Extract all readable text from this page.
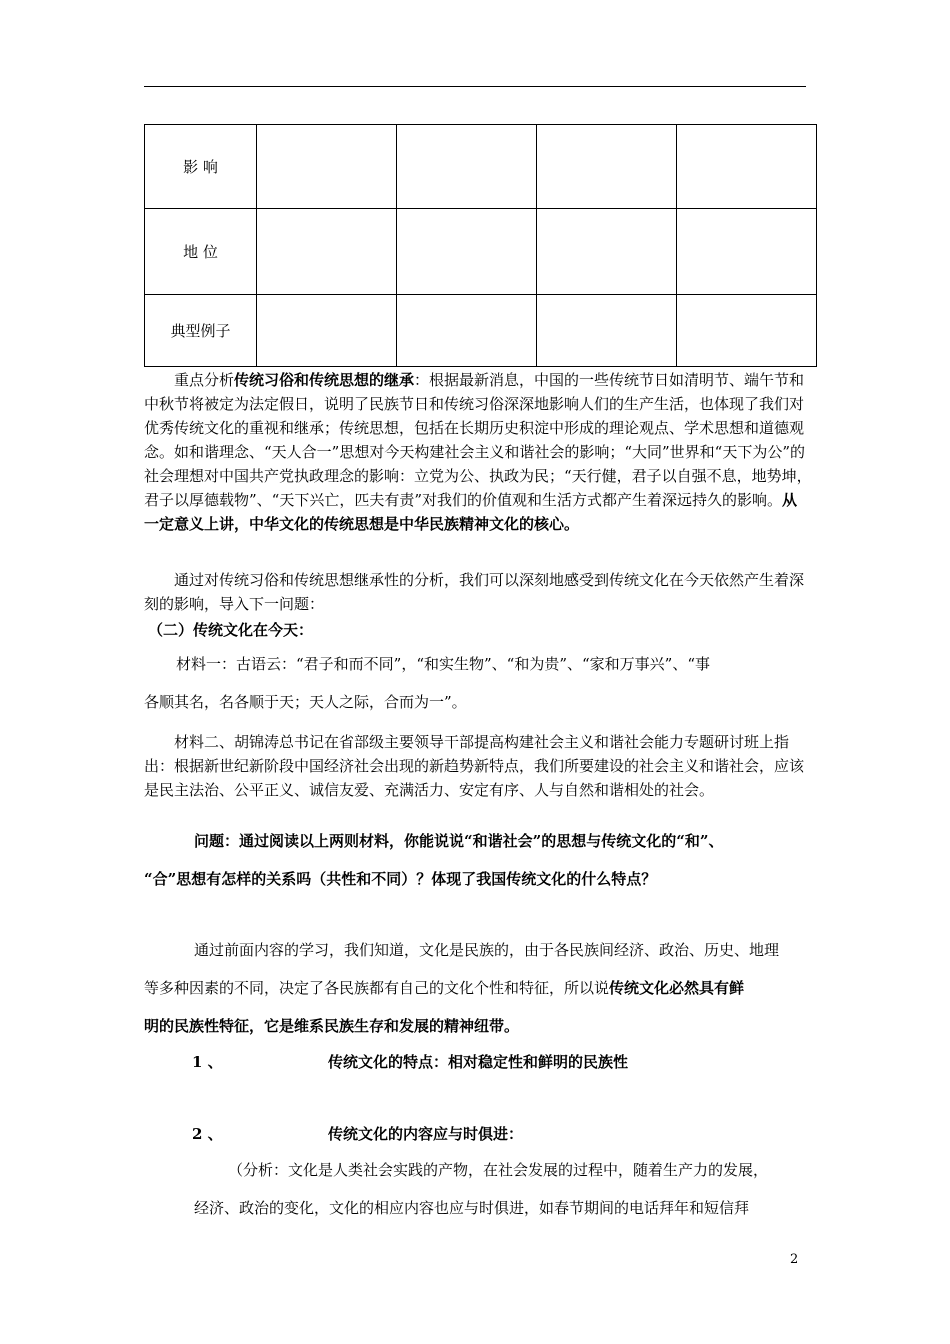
影 响				
地 位				
典型例子				

重点分析传统习俗和传统思想的继承：根据最新消息，中国的一些传统节日如清明节、端午节和中秋节将被定为法定假日，说明了民族节日和传统习俗深深地影响人们的生产生活，也体现了我们对优秀传统文化的重视和继承；传统思想，包括在长期历史积淀中形成的理论观点、学术思想和道德观念。如和谐理念、“天人合一”思想对今天构建社会主义和谐社会的影响；“大同”世界和“天下为公”的社会理想对中国共产党执政理念的影响：立党为公、执政为民；“天行健，君子以自强不息，地势坤，君子以厚德载物”、“天下兴亡，匹夫有责”对我们的价值观和生活方式都产生着深远持久的影响。从一定意义上讲，中华文化的传统思想是中华民族精神文化的核心。

通过对传统习俗和传统思想继承性的分析，我们可以深刻地感受到传统文化在今天依然产生着深刻的影响，导入下一问题：

（二）传统文化在今天：

材料一：古语云：“君子和而不同”，“和实生物”、“和为贵”、“家和万事兴”、“事

各顺其名，名各顺于天；天人之际，合而为一”。

材料二、胡锦涛总书记在省部级主要领导干部提高构建社会主义和谐社会能力专题研讨班上指出：根据新世纪新阶段中国经济社会出现的新趋势新特点，我们所要建设的社会主义和谐社会，应该是民主法治、公平正义、诚信友爱、充满活力、安定有序、人与自然和谐相处的社会。

问题：通过阅读以上两则材料，你能说说“和谐社会”的思想与传统文化的“和”、

“合”思想有怎样的关系吗（共性和不同）？体现了我国传统文化的什么特点？

通过前面内容的学习，我们知道，文化是民族的，由于各民族间经济、政治、历史、地理

等多种因素的不同，决定了各民族都有自己的文化个性和特征，所以说传统文化必然具有鲜

明的民族性特征，它是维系民族生存和发展的精神纽带。

1 、	传统文化的特点：相对稳定性和鲜明的民族性

2 、	传统文化的内容应与时俱进：

（分析：文化是人类社会实践的产物，在社会发展的过程中，随着生产力的发展，

经济、政治的变化，文化的相应内容也应与时俱进，如春节期间的电话拜年和短信拜

2
